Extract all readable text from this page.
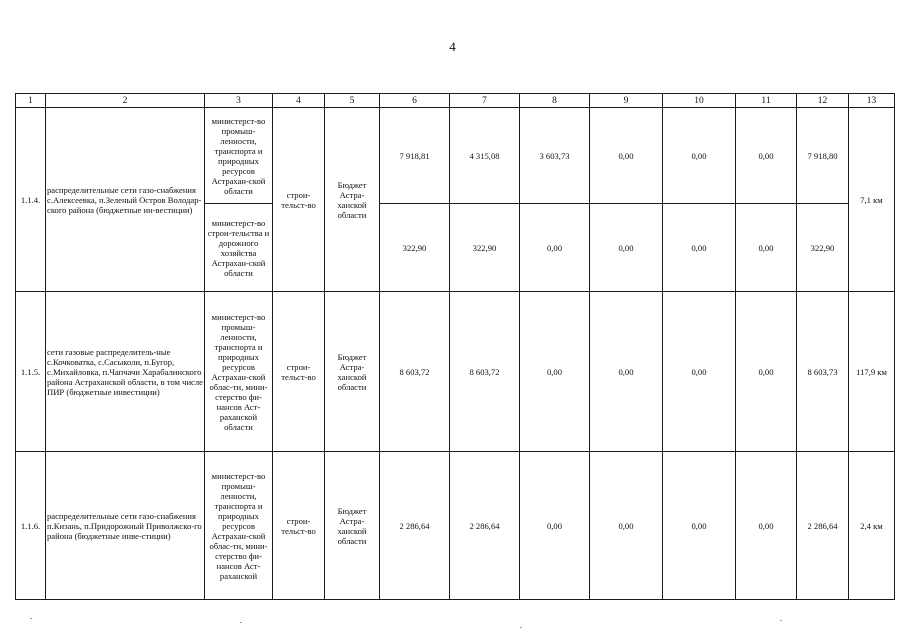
4
1	2	3	4	5	6	7	8	9	10	11	12	13
1.1.4.	распределительные сети газо-снабжения с.Алексеевка, п.Зеленый Остров Володар-ского района (бюджетные ин-вестиции)	министерст-во промыш-ленности, транспорта и природных ресурсов Астрахан-ской области	строи-тельст-во	Бюджет Астра-ханской области	7 918,81	4 315,08	3 603,73	0,00	0,00	0,00	7 918,80	7,1 км
		министерст-во строи-тельства и дорожного хозяйства Астрахан-ской области			322,90	322,90	0,00	0,00	0,00	0,00	322,90	
1.1.5.	сети газовые распределитель-ные с.Кочковатка, с.Сасыколи, п.Бугор, с.Михайловка, п.Чапчачи Харабалинского района Астраханской области, в том числе ПИР (бюджетные инвестиции)	министерст-во промыш-ленности, транспорта и природных ресурсов Астрахан-ской облас-ти, мини-стерство фи-нансов Аст-раханской области	строи-тельст-во	Бюджет Астра-ханской области	8 603,72	8 603,72	0,00	0,00	0,00	0,00	8 603,73	117,9 км
1.1.6.	распределительные сети газо-снабжения п.Кизань, п.Придорожный Приволжско-го района (бюджетные инве-стиции)	министерст-во промыш-ленности, транспорта и природных ресурсов Астрахан-ской облас-ти, мини-стерство фи-нансов Аст-раханской	строи-тельст-во	Бюджет Астра-ханской области	2 286,64	2 286,64	0,00	0,00	0,00	0,00	2 286,64	2,4 км
